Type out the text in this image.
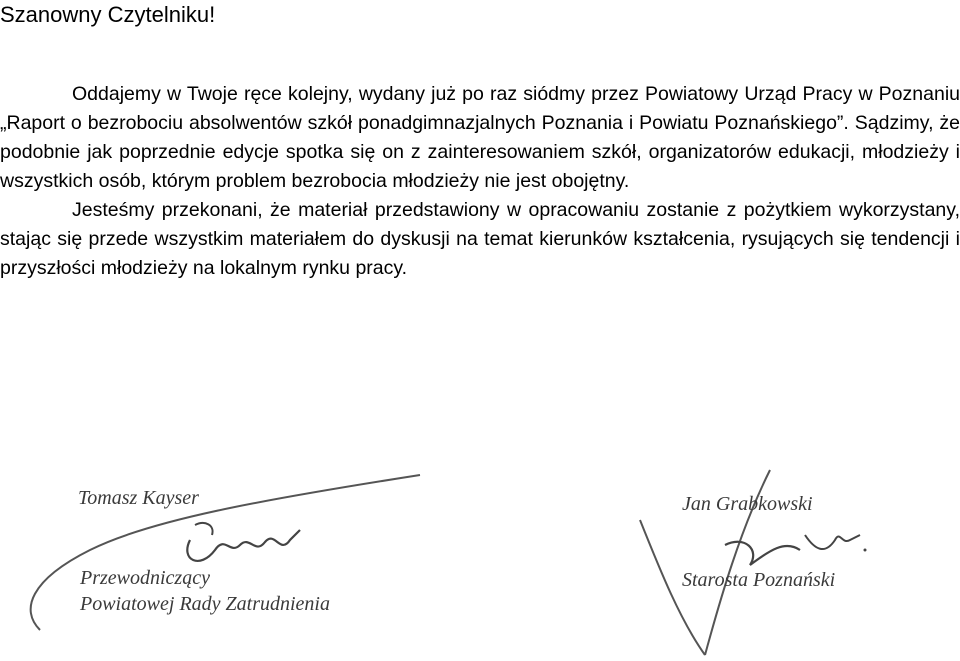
Szanowny Czytelniku!

Oddajemy w Twoje ręce kolejny, wydany już po raz siódmy przez Powiatowy Urząd Pracy w Poznaniu „Raport o bezrobociu absolwentów szkół ponadgimnazjalnych Poznania i Powiatu Poznańskiego”. Sądzimy, że podobnie jak poprzednie edycje spotka się on z zainteresowaniem szkół, organizatorów edukacji, młodzieży i wszystkich osób, którym problem bezrobocia młodzieży nie jest obojętny.

Jesteśmy przekonani, że materiał przedstawiony w opracowaniu zostanie z pożytkiem wykorzystany, stając się przede wszystkim materiałem do dyskusji na temat kierunków kształcenia, rysujących się tendencji i przyszłości młodzieży na lokalnym rynku pracy.

Tomasz Kayser
Przewodniczący
Powiatowej Rady Zatrudnienia
Jan Grabkowski
Starosta Poznański
